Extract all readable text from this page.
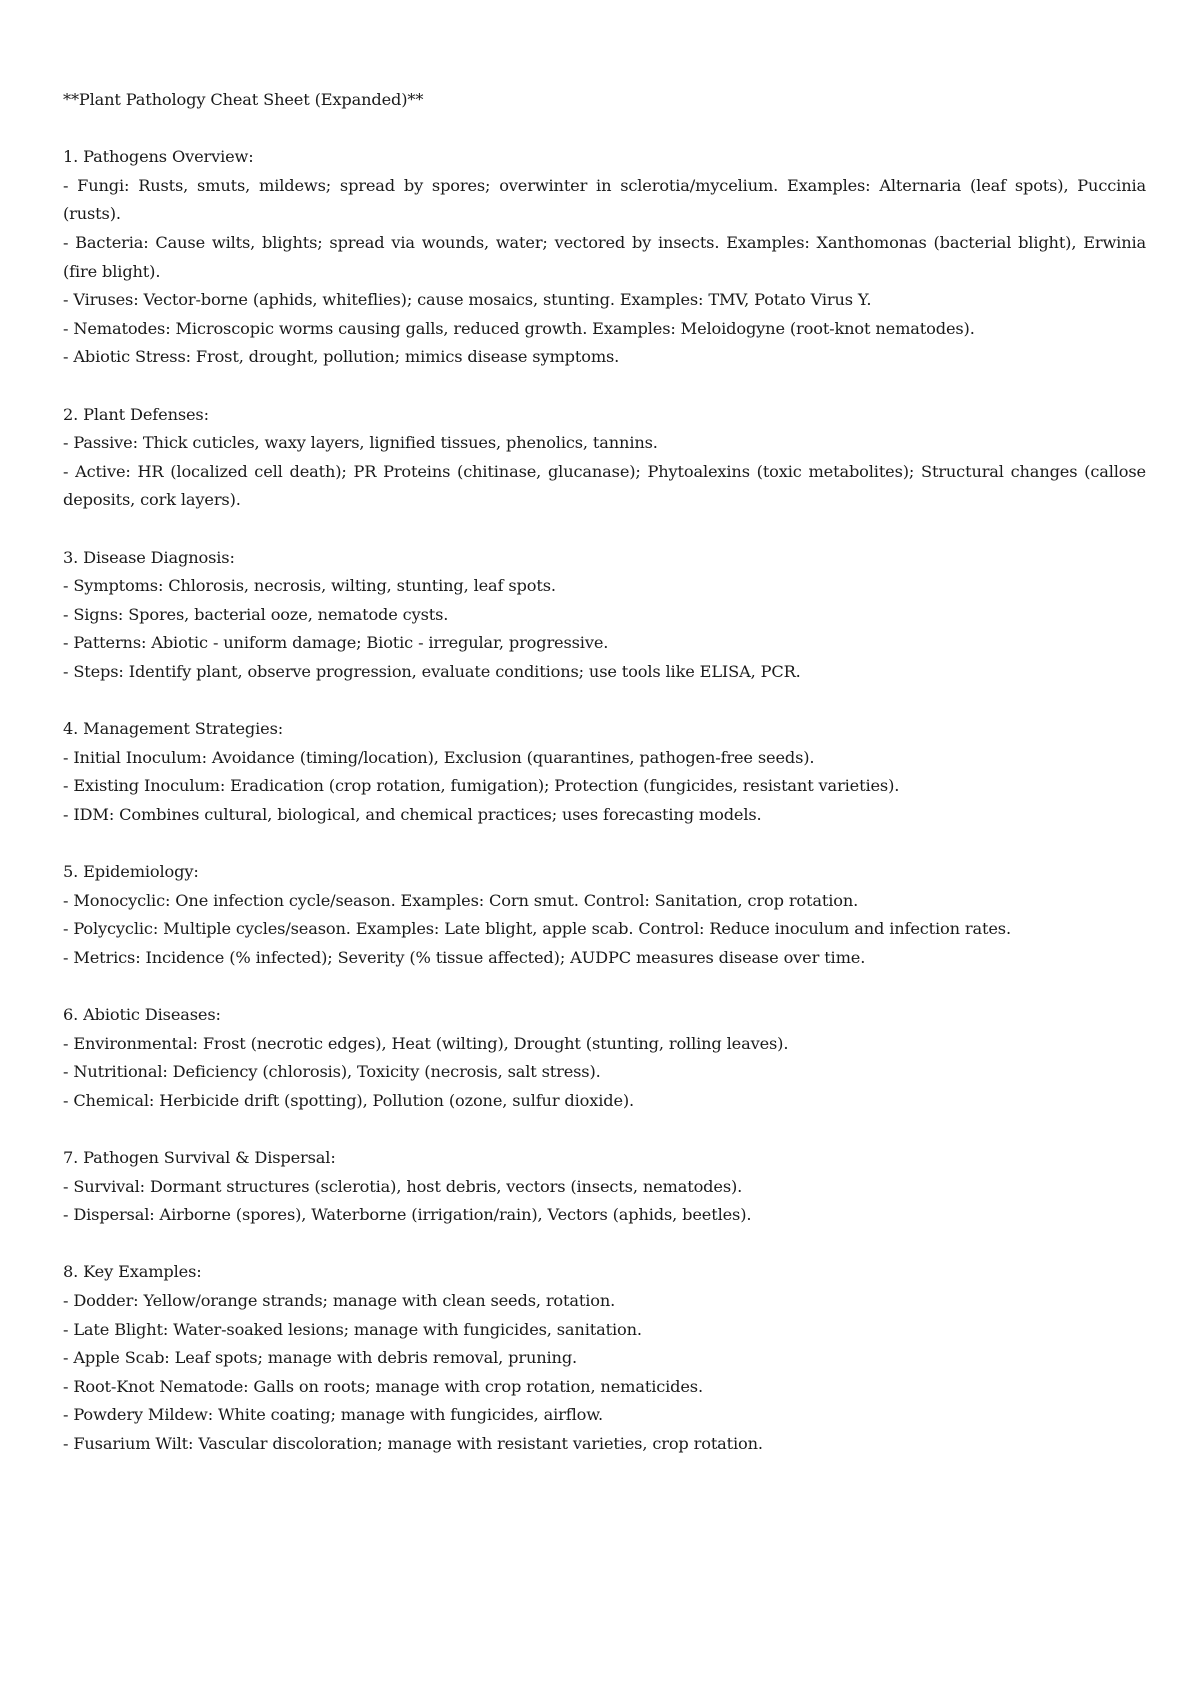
**Plant Pathology Cheat Sheet (Expanded)**

1. Pathogens Overview:

- Fungi: Rusts, smuts, mildews; spread by spores; overwinter in sclerotia/mycelium. Examples: Alternaria (leaf spots), Puccinia (rusts).
- Bacteria: Cause wilts, blights; spread via wounds, water; vectored by insects. Examples: Xanthomonas (bacterial blight), Erwinia (fire blight).
- Viruses: Vector-borne (aphids, whiteflies); cause mosaics, stunting. Examples: TMV, Potato Virus Y.
- Nematodes: Microscopic worms causing galls, reduced growth. Examples: Meloidogyne (root-knot nematodes).
- Abiotic Stress: Frost, drought, pollution; mimics disease symptoms.

2. Plant Defenses:

- Passive: Thick cuticles, waxy layers, lignified tissues, phenolics, tannins.
- Active: HR (localized cell death); PR Proteins (chitinase, glucanase); Phytoalexins (toxic metabolites); Structural changes (callose deposits, cork layers).

3. Disease Diagnosis:

- Symptoms: Chlorosis, necrosis, wilting, stunting, leaf spots.
- Signs: Spores, bacterial ooze, nematode cysts.
- Patterns: Abiotic - uniform damage; Biotic - irregular, progressive.
- Steps: Identify plant, observe progression, evaluate conditions; use tools like ELISA, PCR.

4. Management Strategies:

- Initial Inoculum: Avoidance (timing/location), Exclusion (quarantines, pathogen-free seeds).
- Existing Inoculum: Eradication (crop rotation, fumigation); Protection (fungicides, resistant varieties).
- IDM: Combines cultural, biological, and chemical practices; uses forecasting models.

5. Epidemiology:

- Monocyclic: One infection cycle/season. Examples: Corn smut. Control: Sanitation, crop rotation.
- Polycyclic: Multiple cycles/season. Examples: Late blight, apple scab. Control: Reduce inoculum and infection rates.
- Metrics: Incidence (% infected); Severity (% tissue affected); AUDPC measures disease over time.

6. Abiotic Diseases:

- Environmental: Frost (necrotic edges), Heat (wilting), Drought (stunting, rolling leaves).
- Nutritional: Deficiency (chlorosis), Toxicity (necrosis, salt stress).
- Chemical: Herbicide drift (spotting), Pollution (ozone, sulfur dioxide).

7. Pathogen Survival & Dispersal:

- Survival: Dormant structures (sclerotia), host debris, vectors (insects, nematodes).
- Dispersal: Airborne (spores), Waterborne (irrigation/rain), Vectors (aphids, beetles).

8. Key Examples:

- Dodder: Yellow/orange strands; manage with clean seeds, rotation.
- Late Blight: Water-soaked lesions; manage with fungicides, sanitation.
- Apple Scab: Leaf spots; manage with debris removal, pruning.
- Root-Knot Nematode: Galls on roots; manage with crop rotation, nematicides.
- Powdery Mildew: White coating; manage with fungicides, airflow.
- Fusarium Wilt: Vascular discoloration; manage with resistant varieties, crop rotation.
